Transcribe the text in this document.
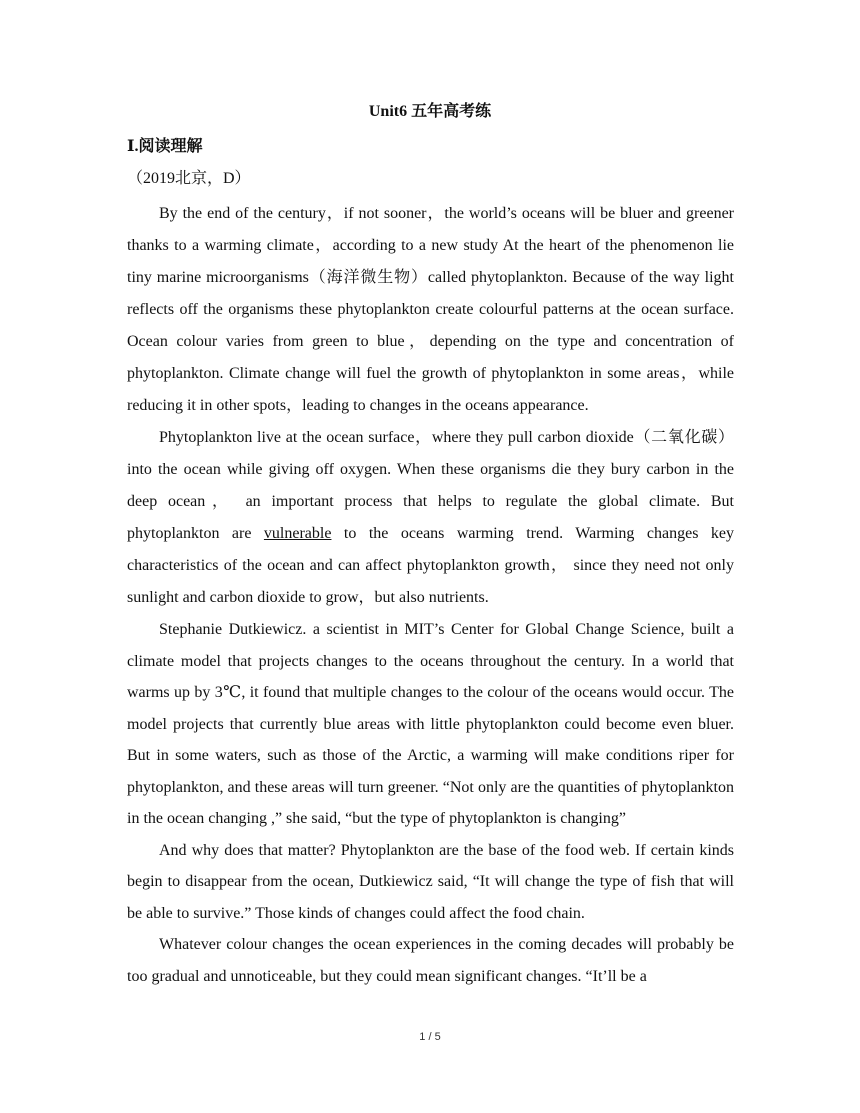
Unit6 五年高考练
Ⅰ.阅读理解
（2019北京，D）

By the end of the century，if not sooner，the world’s oceans will be bluer and greener thanks to a warming climate，according to a new study At the heart of the phenomenon lie tiny marine microorganisms（海洋微生物）called phytoplankton. Because of the way light reflects off the organisms these phytoplankton create colourful patterns at the ocean surface. Ocean colour varies from green to blue，depending on the type and concentration of phytoplankton. Climate change will fuel the growth of phytoplankton in some areas，while reducing it in other spots，leading to changes in the oceans appearance.

Phytoplankton live at the ocean surface，where they pull carbon dioxide（二氧化碳）into the ocean while giving off oxygen. When these organisms die they bury carbon in the deep ocean， an important process that helps to regulate the global climate. But phytoplankton are vulnerable to the oceans warming trend. Warming changes key characteristics of the ocean and can affect phytoplankton growth， since they need not only sunlight and carbon dioxide to grow，but also nutrients.

Stephanie Dutkiewicz. a scientist in MIT’s Center for Global Change Science, built a climate model that projects changes to the oceans throughout the century. In a world that warms up by 3℃, it found that multiple changes to the colour of the oceans would occur. The model projects that currently blue areas with little phytoplankton could become even bluer. But in some waters, such as those of the Arctic, a warming will make conditions riper for phytoplankton, and these areas will turn greener. “Not only are the quantities of phytoplankton in the ocean changing ,” she said, “but the type of phytoplankton is changing”

And why does that matter? Phytoplankton are the base of the food web. If certain kinds begin to disappear from the ocean, Dutkiewicz said, “It will change the type of fish that will be able to survive.” Those kinds of changes could affect the food chain.

Whatever colour changes the ocean experiences in the coming decades will probably be too gradual and unnoticeable, but they could mean significant changes. “It’ll be a

1 / 5
